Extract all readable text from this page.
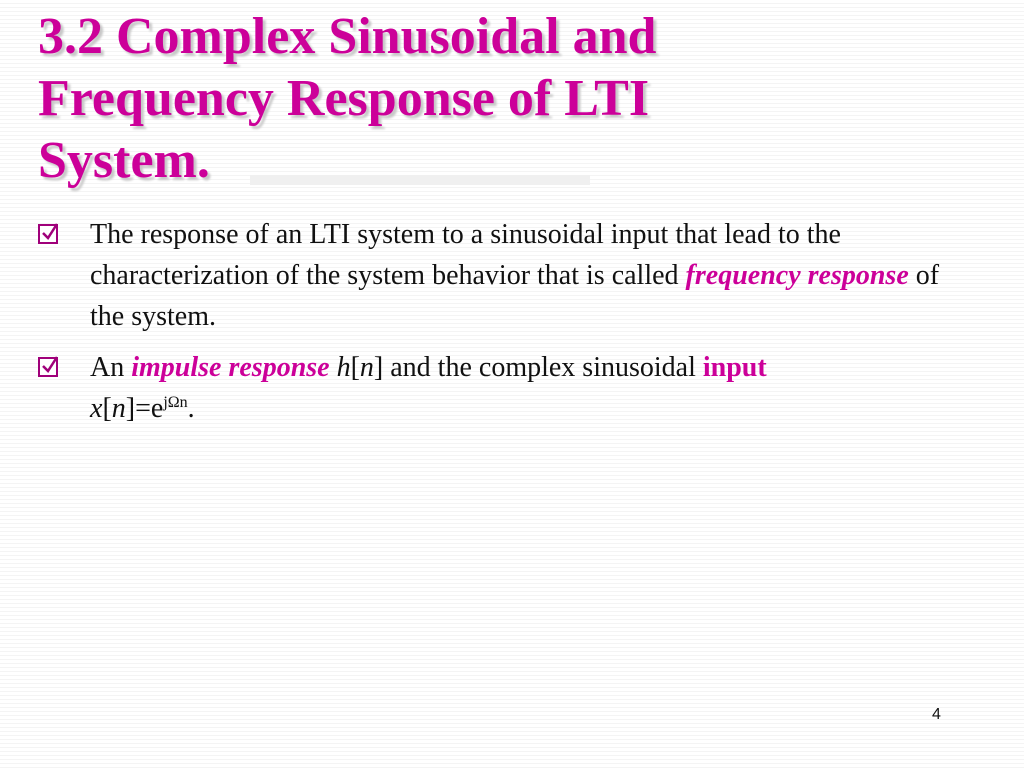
3.2 Complex Sinusoidal and Frequency Response of LTI System.
The response of an LTI system to a sinusoidal input that lead to the characterization of the system behavior that is called frequency response of the system.
An impulse response h[n] and the complex sinusoidal input
$x[n]=e^{j\Omega n}$.
4
